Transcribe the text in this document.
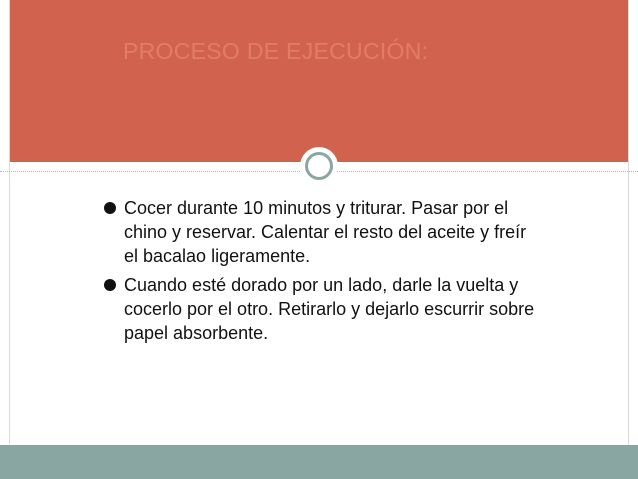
PROCESO DE EJECUCIÓN:
Cocer durante 10 minutos y triturar. Pasar por el chino y reservar. Calentar el resto del aceite y freír el bacalao ligeramente.
Cuando esté dorado por un lado, darle la vuelta y cocerlo por el otro. Retirarlo y dejarlo escurrir sobre papel absorbente.
